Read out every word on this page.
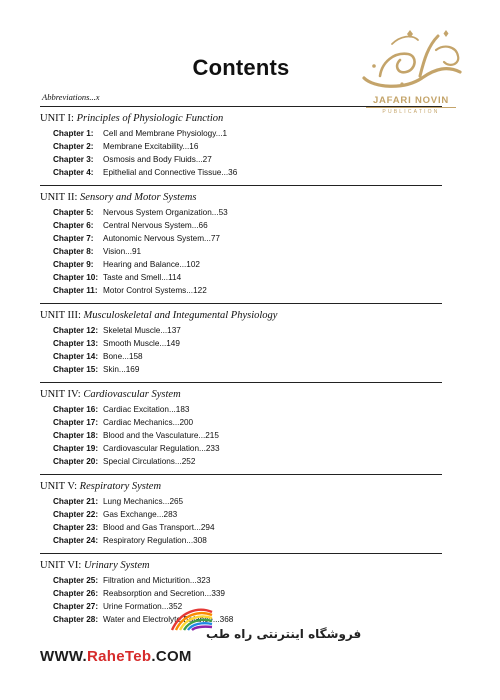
Contents
JAFARI NOVIN
PUBLICATION
Abbreviations...x
UNIT I: Principles of Physiologic Function
Chapter 1:	Cell and Membrane Physiology...1
Chapter 2:	Membrane Excitability...16
Chapter 3:	Osmosis and Body Fluids...27
Chapter 4:	Epithelial and Connective Tissue...36
UNIT II: Sensory and Motor Systems
Chapter 5:	Nervous System Organization...53
Chapter 6:	Central Nervous System...66
Chapter 7:	Autonomic Nervous System...77
Chapter 8:	Vision...91
Chapter 9:	Hearing and Balance...102
Chapter 10: Taste and Smell...114
Chapter 11: Motor Control Systems...122
UNIT III: Musculoskeletal and Integumental Physiology
Chapter 12: Skeletal Muscle...137
Chapter 13: Smooth Muscle...149
Chapter 14: Bone...158
Chapter 15: Skin...169
UNIT IV: Cardiovascular System
Chapter 16: Cardiac Excitation...183
Chapter 17: Cardiac Mechanics...200
Chapter 18: Blood and the Vasculature...215
Chapter 19: Cardiovascular Regulation...233
Chapter 20: Special Circulations...252
UNIT V: Respiratory System
Chapter 21: Lung Mechanics...265
Chapter 22: Gas Exchange...283
Chapter 23: Blood and Gas Transport...294
Chapter 24: Respiratory Regulation...308
UNIT VI: Urinary System
Chapter 25: Filtration and Micturition...323
Chapter 26: Reabsorption and Secretion...339
Chapter 27: Urine Formation...352
Chapter 28: Water and Electrolyte Balance...368
فروشگاه اینترنتی راه طب
WWW.RaheTeb.COM
